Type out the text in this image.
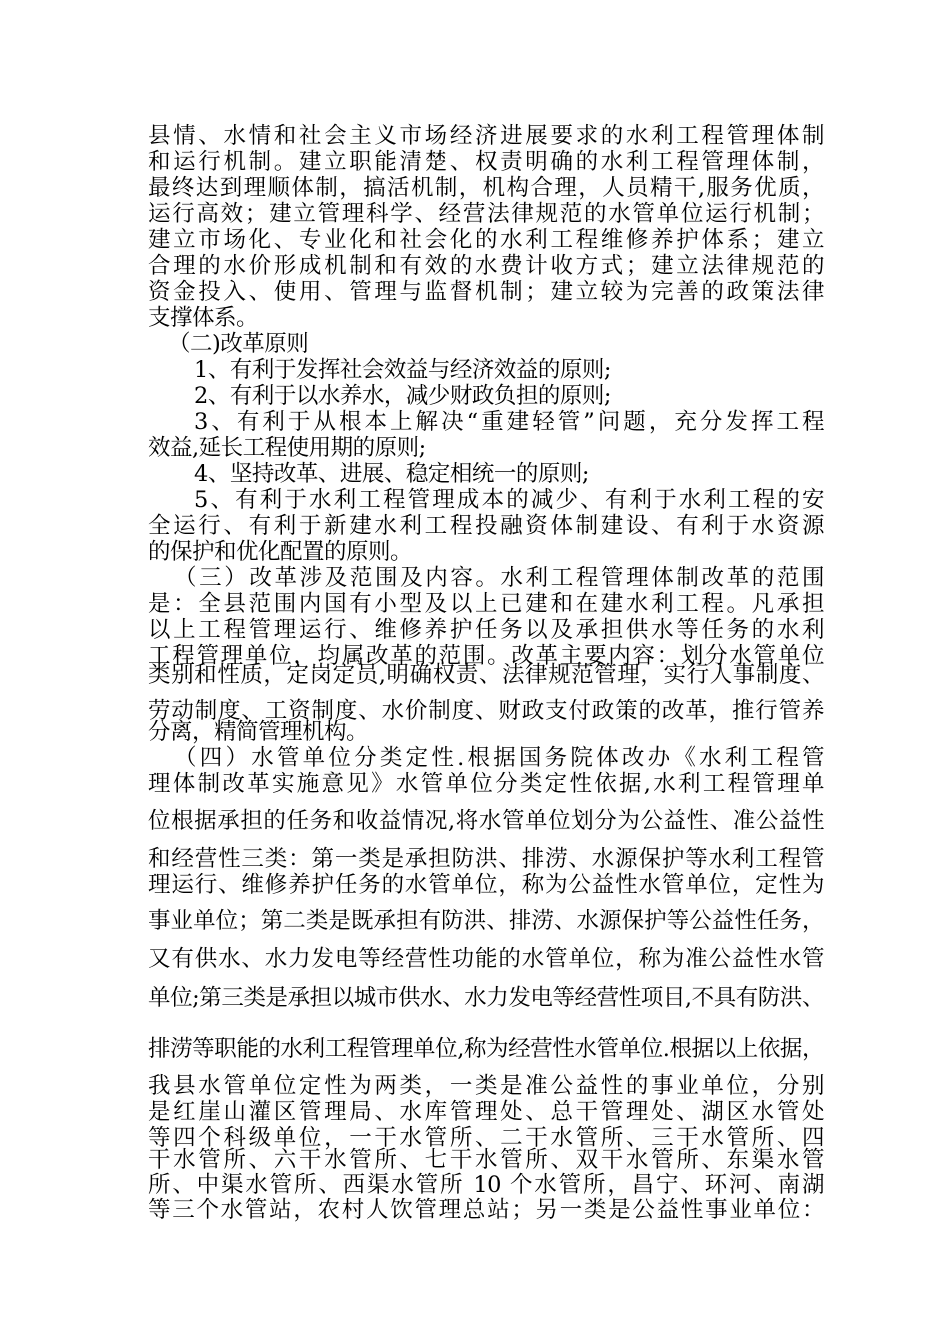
县情、水情和社会主义市场经济进展要求的水利工程管理体制
和运行机制。建立职能清楚、权责明确的水利工程管理体制，
最终达到理顺体制，搞活机制，机构合理，人员精干,服务优质，
运行高效；建立管理科学、经营法律规范的水管单位运行机制；
建立市场化、专业化和社会化的水利工程维修养护体系；建立
合理的水价形成机制和有效的水费计收方式；建立法律规范的
资金投入、使用、管理与监督机制；建立较为完善的政策法律
支撑体系。
（二)改革原则
1、有利于发挥社会效益与经济效益的原则;
2、有利于以水养水，减少财政负担的原则;
3、有利于从根本上解决“重建轻管”问题，充分发挥工程
效益,延长工程使用期的原则;
4、坚持改革、进展、稳定相统一的原则;
5、有利于水利工程管理成本的减少、有利于水利工程的安
全运行、有利于新建水利工程投融资体制建设、有利于水资源
的保护和优化配置的原则。
（三）改革涉及范围及内容。水利工程管理体制改革的范围
是：全县范围内国有小型及以上已建和在建水利工程。凡承担
以上工程管理运行、维修养护任务以及承担供水等任务的水利
工程管理单位，均属改革的范围。改革主要内容：划分水管单位
类别和性质，定岗定员,明确权责、法律规范管理，实行人事制度、
劳动制度、工资制度、水价制度、财政支付政策的改革，推行管养
分离，精简管理机构。
（四）水管单位分类定性.根据国务院体改办《水利工程管
理体制改革实施意见》水管单位分类定性依据,水利工程管理单
位根据承担的任务和收益情况,将水管单位划分为公益性、准公益性
和经营性三类：第一类是承担防洪、排涝、水源保护等水利工程管
理运行、维修养护任务的水管单位，称为公益性水管单位，定性为
事业单位；第二类是既承担有防洪、排涝、水源保护等公益性任务，
又有供水、水力发电等经营性功能的水管单位，称为准公益性水管
单位;第三类是承担以城市供水、水力发电等经营性项目,不具有防洪、
排涝等职能的水利工程管理单位,称为经营性水管单位.根据以上依据，
我县水管单位定性为两类，一类是准公益性的事业单位，分别
是红崖山灌区管理局、水库管理处、总干管理处、湖区水管处
等四个科级单位，一干水管所、二干水管所、三干水管所、四
干水管所、六干水管所、七干水管所、双干水管所、东渠水管
所、中渠水管所、西渠水管所 10 个水管所，昌宁、环河、南湖
等三个水管站，农村人饮管理总站；另一类是公益性事业单位：
